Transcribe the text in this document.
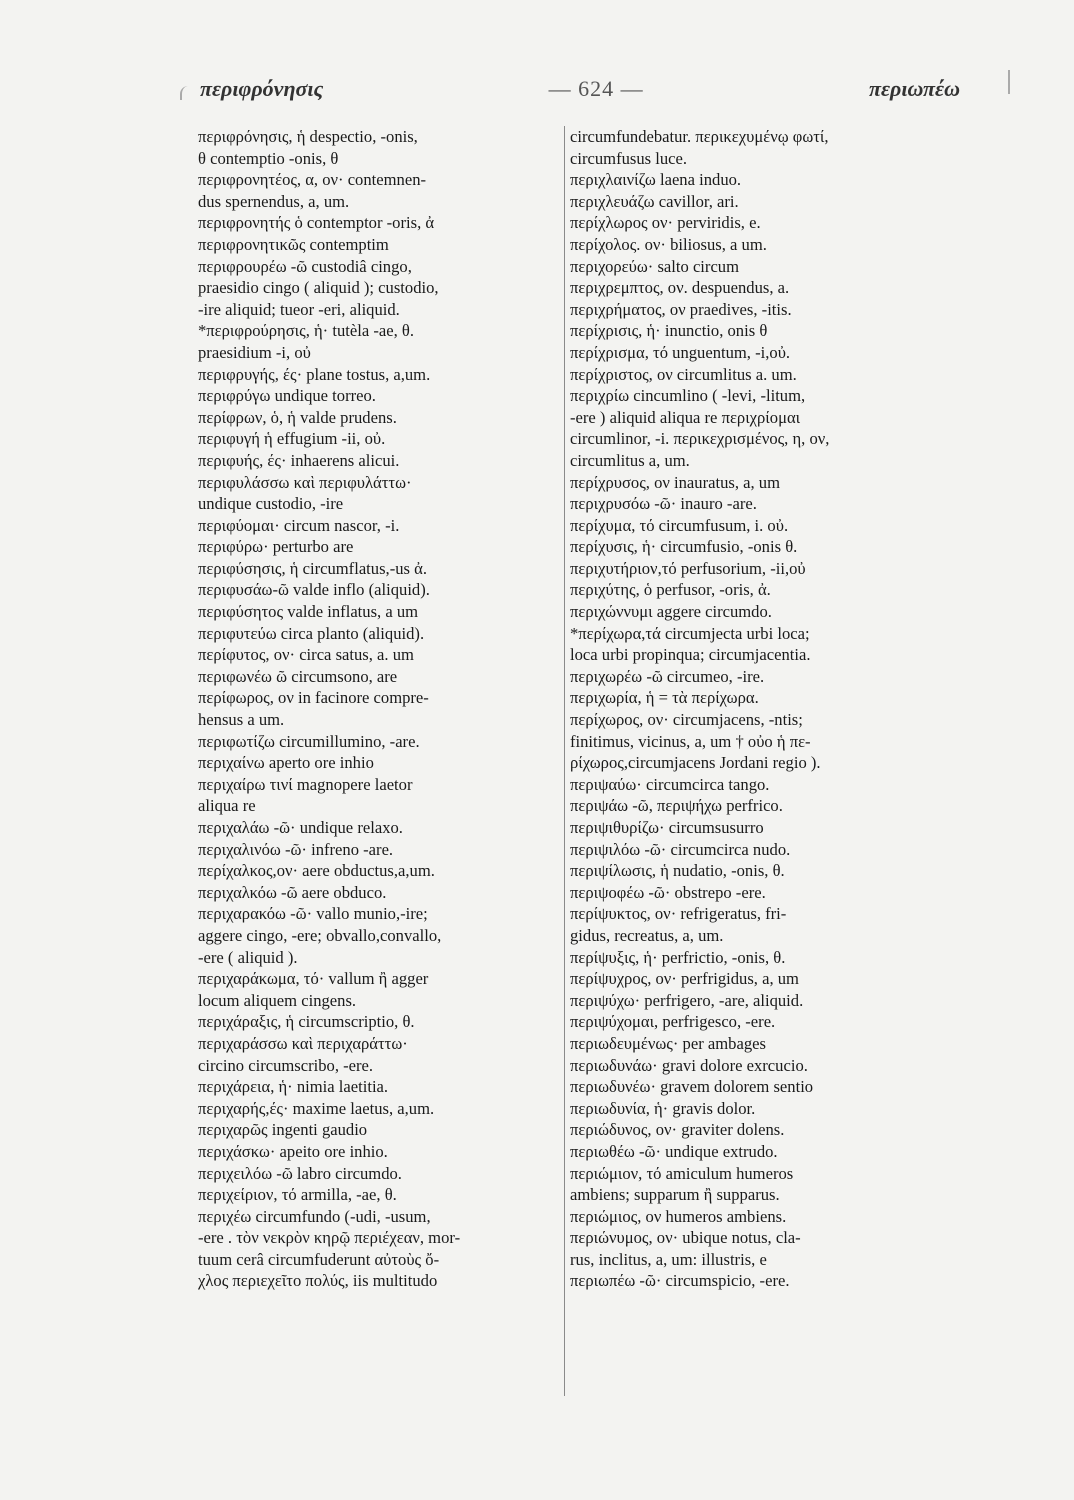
περιφρόνησις	— 624 —	περιωπέω
περιφρόνησις, ἡ despectio, -onis,
θ contemptio -onis, θ
περιφρονητέος, α, ον· contemnen-
dus spernendus, a, um.
περιφρονητής ὁ contemptor -oris, ἀ
περιφρονητικῶς contemptim
περιφρουρέω -ῶ custodiâ cingo,
praesidio cingo ( aliquid ); custodio,
-ire aliquid; tueor -eri, aliquid.
*περιφρούρησις, ἡ· tutèla -ae, θ.
praesidium -i, οὐ
περιφρυγής, ές· plane tostus, a,um.
περιφρύγω undique torreo.
περίφρων, ὁ, ἡ valde prudens.
περιφυγή ἡ effugium -ii, οὐ.
περιφυής, ές· inhaerens alicui.
περιφυλάσσω καὶ περιφυλάττω·
undique custodio, -ire
περιφύομαι· circum nascor, -i.
περιφύρω· perturbo are
περιφύσησις, ἡ circumflatus,-us ἀ.
περιφυσάω-ῶ valde inflo (aliquid).
περιφύσητος valde inflatus, a um
περιφυτεύω circa planto (aliquid).
περίφυτος, ον· circa satus, a. um
περιφωνέω ῶ circumsono, are
περίφωρος, ον in facinore compre-
hensus a um.
περιφωτίζω circumillumino, -are.
περιχαίνω aperto ore inhio
περιχαίρω τινί magnopere laetor
aliqua re
περιχαλάω -ῶ· undique relaxo.
περιχαλινόω -ῶ· infreno -are.
περίχαλκος,ον· aere obductus,a,um.
περιχαλκόω -ῶ aere obduco.
περιχαρακόω -ῶ· vallo munio,-ire;
aggere cingo, -ere; obvallo,convallo,
-ere ( aliquid ).
περιχαράκωμα, τό· vallum ἢ agger
locum aliquem cingens.
περιχάραξις, ἡ circumscriptio, θ.
περιχαράσσω καὶ περιχαράττω·
circino circumscribo, -ere.
περιχάρεια, ἡ· nimia laetitia.
περιχαρής,ές· maxime laetus, a,um.
περιχαρῶς ingenti gaudio
περιχάσκω· apeito ore inhio.
περιχειλόω -ῶ labro circumdo.
περιχείριον, τό armilla, -ae, θ.
περιχέω circumfundo (-udi, -usum,
-ere . τὸν νεκρὸν κηρῷ περιέχεαν, mor-
tuum cerâ circumfuderunt αὐτοὺς ὄ-
χλος περιεχεῖτο πολύς, iis multitudo
circumfundebatur. περικεχυμένῳ φωτί,
circumfusus luce.
περιχλαινίζω laena induo.
περιχλευάζω cavillor, ari.
περίχλωρος ον· perviridis, e.
περίχολος. ον· biliosus, a um.
περιχορεύω· salto circum
περιχρεμπτος, ον. despuendus, a.
περιχρήματος, ον praedives, -itis.
περίχρισις, ἡ· inunctio, onis θ
περίχρισμα, τό unguentum, -i,οὐ.
περίχριστος, ον circumlitus a. um.
περιχρίω cincumlino ( -levi, -litum,
-ere ) aliquid aliqua re περιχρίομαι
circumlinor, -i. περικεχρισμένος, η, ον,
circumlitus a, um.
περίχρυσος, ον inauratus, a, um
περιχρυσόω -ῶ· inauro -are.
περίχυμα, τό circumfusum, i. οὐ.
περίχυσις, ἡ· circumfusio, -onis θ.
περιχυτήριον,τό perfusorium, -ii,οὐ
περιχύτης, ὁ perfusor, -oris, ἀ.
περιχώννυμι aggere circumdo.
*περίχωρα,τά circumjecta urbi loca;
loca urbi propinqua; circumjacentia.
περιχωρέω -ῶ circumeo, -ire.
περιχωρία, ἡ = τὰ περίχωρα.
περίχωρος, ον· circumjacens, -ntis;
finitimus, vicinus, a, um † οὐο ἡ πε-
ρίχωρος,circumjacens Jordani regio ).
περιψαύω· circumcirca tango.
περιψάω -ῶ, περιψήχω perfrico.
περιψιθυρίζω· circumsusurro
περιψιλόω -ῶ· circumcirca nudo.
περιψίλωσις, ἡ nudatio, -onis, θ.
περιψοφέω -ῶ· obstrepo -ere.
περίψυκτος, ον· refrigeratus, fri-
gidus, recreatus, a, um.
περίψυξις, ἡ· perfrictio, -onis, θ.
περίψυχρος, ον· perfrigidus, a, um
περιψύχω· perfrigero, -are, aliquid.
περιψύχομαι, perfrigesco, -ere.
περιωδευμένως· per ambages
περιωδυνάω· gravi dolore exrcucio.
περιωδυνέω· gravem dolorem sentio
περιωδυνία, ἡ· gravis dolor.
περιώδυνος, ον· graviter dolens.
περιωθέω -ῶ· undique extrudo.
περιώμιον, τό amiculum humeros
ambiens; supparum ἢ supparus.
περιώμιος, ον humeros ambiens.
περιώνυμος, ον· ubique notus, cla-
rus, inclitus, a, um: illustris, e
περιωπέω -ῶ· circumspicio, -ere.
